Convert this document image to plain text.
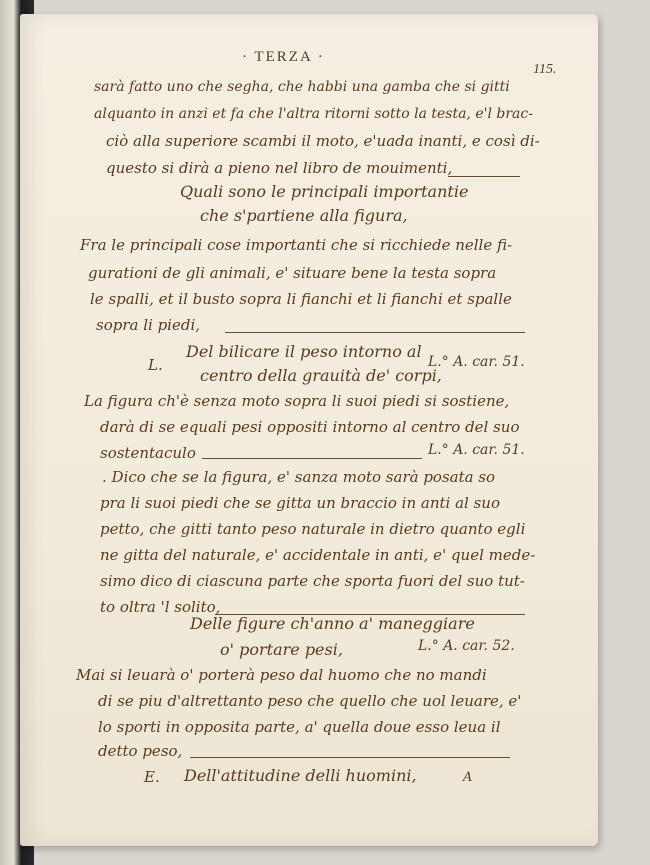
· TERZA ·
115.
sarà fatto uno che segha, che habbi una gamba che si gitti
alquanto in anzi et fa che l'altra ritorni sotto la testa, e'l brac-
ciò alla superiore scambi il moto, e'uada inanti, e così di-
questo si dirà a pieno nel libro de mouimenti,
Quali sono le principali importantie
che s'partiene alla figura,
Fra le principali cose importanti che si ricchiede nelle fi-
gurationi de gli animali, e' situare bene la testa sopra
le spalli, et il busto sopra li fianchi et li fianchi et spalle
sopra li piedi,
L.
Del bilicare il peso intorno al
centro della grauità de' corpi,
L.° A. car. 51.
La figura ch'è senza moto sopra li suoi piedi si sostiene,
darà di se equali pesi oppositi intorno al centro del suo
sostentaculo	L.° A. car. 51.
. Dico che se la figura, e' sanza moto sarà posata so
pra li suoi piedi che se gitta un braccio in anti al suo
petto, che gitti tanto peso naturale in dietro quanto egli
ne gitta del naturale, e' accidentale in anti, e' quel mede-
simo dico di ciascuna parte che sporta fuori del suo tut-
to oltra 'l solito,
Delle figure ch'anno a' maneggiare
o' portare pesi,	L.° A. car. 52.
Mai si leuarà o' porterà peso dal huomo che no mandi
di se piu d'altrettanto peso che quello che uol leuare, e'
lo sporti in opposita parte, a' quella doue esso leua il
detto peso,
E. Dell'attitudine delli huomini,	A
